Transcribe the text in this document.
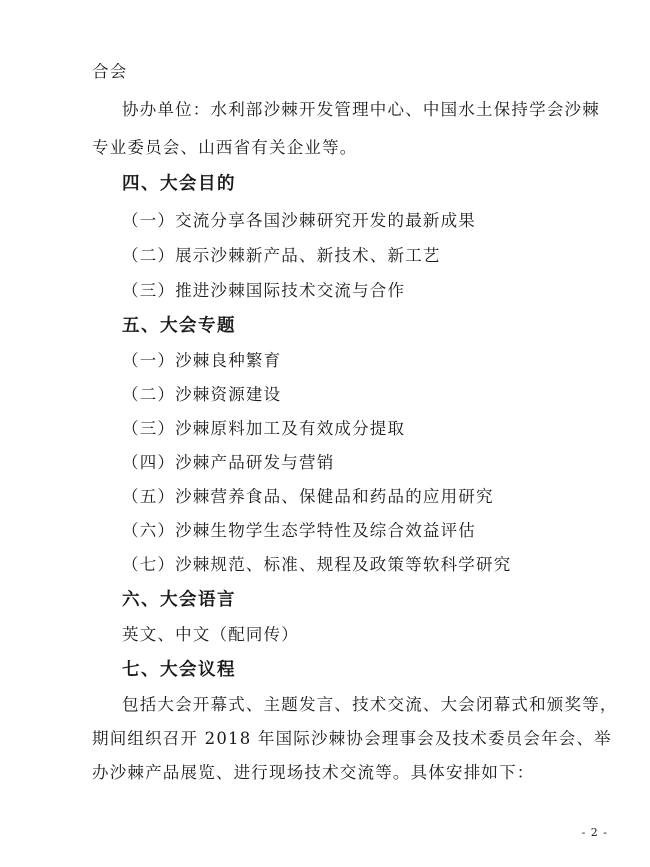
合会
协办单位：水利部沙棘开发管理中心、中国水土保持学会沙棘
专业委员会、山西省有关企业等。
四、大会目的
（一）交流分享各国沙棘研究开发的最新成果
（二）展示沙棘新产品、新技术、新工艺
（三）推进沙棘国际技术交流与合作
五、大会专题
（一）沙棘良种繁育
（二）沙棘资源建设
（三）沙棘原料加工及有效成分提取
（四）沙棘产品研发与营销
（五）沙棘营养食品、保健品和药品的应用研究
（六）沙棘生物学生态学特性及综合效益评估
（七）沙棘规范、标准、规程及政策等软科学研究
六、大会语言
英文、中文（配同传）
七、大会议程
包括大会开幕式、主题发言、技术交流、大会闭幕式和颁奖等，
期间组织召开 2018 年国际沙棘协会理事会及技术委员会年会、举
办沙棘产品展览、进行现场技术交流等。具体安排如下：
- 2 -
